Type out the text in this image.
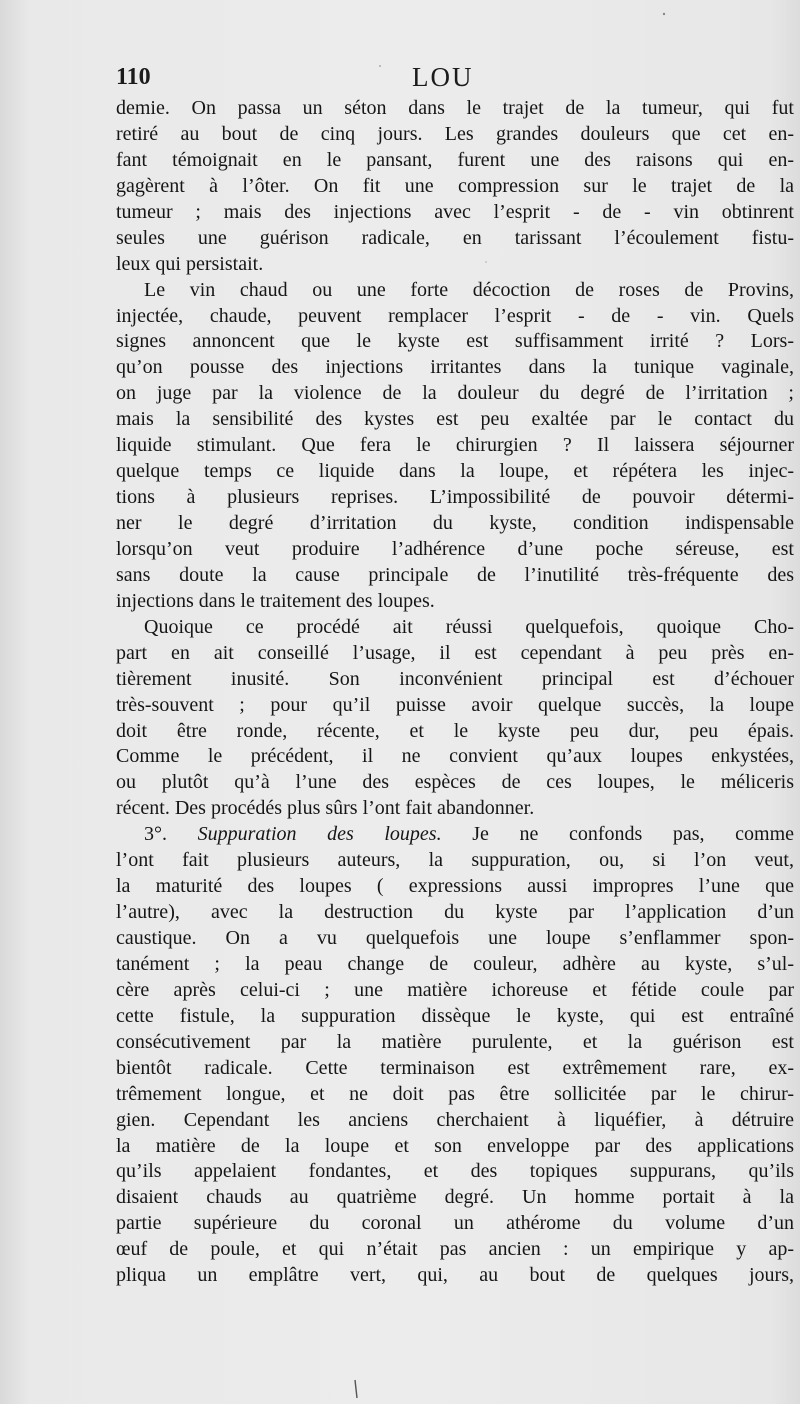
110	LOU
demie. On passa un séton dans le trajet de la tumeur, qui fut
retiré au bout de cinq jours. Les grandes douleurs que cet en-
fant témoignait en le pansant, furent une des raisons qui en-
gagèrent à l’ôter. On fit une compression sur le trajet de la
tumeur ; mais des injections avec l’esprit - de - vin obtinrent
seules une guérison radicale, en tarissant l’écoulement fistu-
leux qui persistait.
Le vin chaud ou une forte décoction de roses de Provins,
injectée, chaude, peuvent remplacer l’esprit - de - vin. Quels
signes annoncent que le kyste est suffisamment irrité ? Lors-
qu’on pousse des injections irritantes dans la tunique vaginale,
on juge par la violence de la douleur du degré de l’irritation ;
mais la sensibilité des kystes est peu exaltée par le contact du
liquide stimulant. Que fera le chirurgien ? Il laissera séjourner
quelque temps ce liquide dans la loupe, et répétera les injec-
tions à plusieurs reprises. L’impossibilité de pouvoir détermi-
ner le degré d’irritation du kyste, condition indispensable
lorsqu’on veut produire l’adhérence d’une poche séreuse, est
sans doute la cause principale de l’inutilité très-fréquente des
injections dans le traitement des loupes.
Quoique ce procédé ait réussi quelquefois, quoique Cho-
part en ait conseillé l’usage, il est cependant à peu près en-
tièrement inusité. Son inconvénient principal est d’échouer
très-souvent ; pour qu’il puisse avoir quelque succès, la loupe
doit être ronde, récente, et le kyste peu dur, peu épais.
Comme le précédent, il ne convient qu’aux loupes enkystées,
ou plutôt qu’à l’une des espèces de ces loupes, le méliceris
récent. Des procédés plus sûrs l’ont fait abandonner.
3°. Suppuration des loupes. Je ne confonds pas, comme
l’ont fait plusieurs auteurs, la suppuration, ou, si l’on veut,
la maturité des loupes ( expressions aussi impropres l’une que
l’autre), avec la destruction du kyste par l’application d’un
caustique. On a vu quelquefois une loupe s’enflammer spon-
tanément ; la peau change de couleur, adhère au kyste, s’ul-
cère après celui-ci ; une matière ichoreuse et fétide coule par
cette fistule, la suppuration dissèque le kyste, qui est entraîné
consécutivement par la matière purulente, et la guérison est
bientôt radicale. Cette terminaison est extrêmement rare, ex-
trêmement longue, et ne doit pas être sollicitée par le chirur-
gien. Cependant les anciens cherchaient à liquéfier, à détruire
la matière de la loupe et son enveloppe par des applications
qu’ils appelaient fondantes, et des topiques suppurans, qu’ils
disaient chauds au quatrième degré. Un homme portait à la
partie supérieure du coronal un athérome du volume d’un
œuf de poule, et qui n’était pas ancien : un empirique y ap-
pliqua un emplâtre vert, qui, au bout de quelques jours,
